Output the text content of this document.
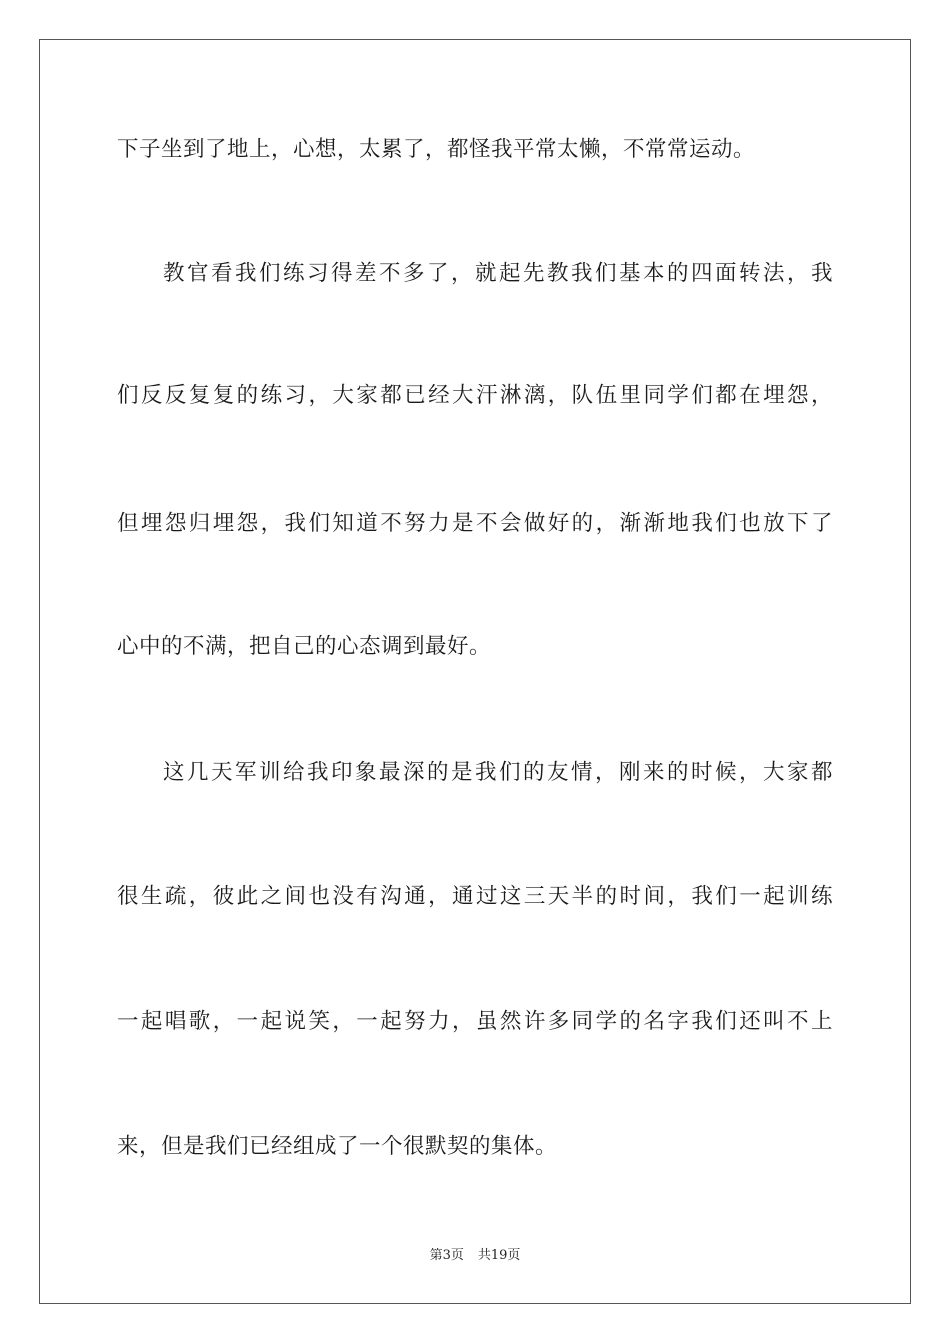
下子坐到了地上，心想，太累了，都怪我平常太懒，不常常运动。
教官看我们练习得差不多了，就起先教我们基本的四面转法，我
们反反复复的练习，大家都已经大汗淋漓，队伍里同学们都在埋怨，
但埋怨归埋怨，我们知道不努力是不会做好的，渐渐地我们也放下了
心中的不满，把自己的心态调到最好。
这几天军训给我印象最深的是我们的友情，刚来的时候，大家都
很生疏，彼此之间也没有沟通，通过这三天半的时间，我们一起训练
一起唱歌，一起说笑，一起努力，虽然许多同学的名字我们还叫不上
来，但是我们已经组成了一个很默契的集体。
第3页 共19页
